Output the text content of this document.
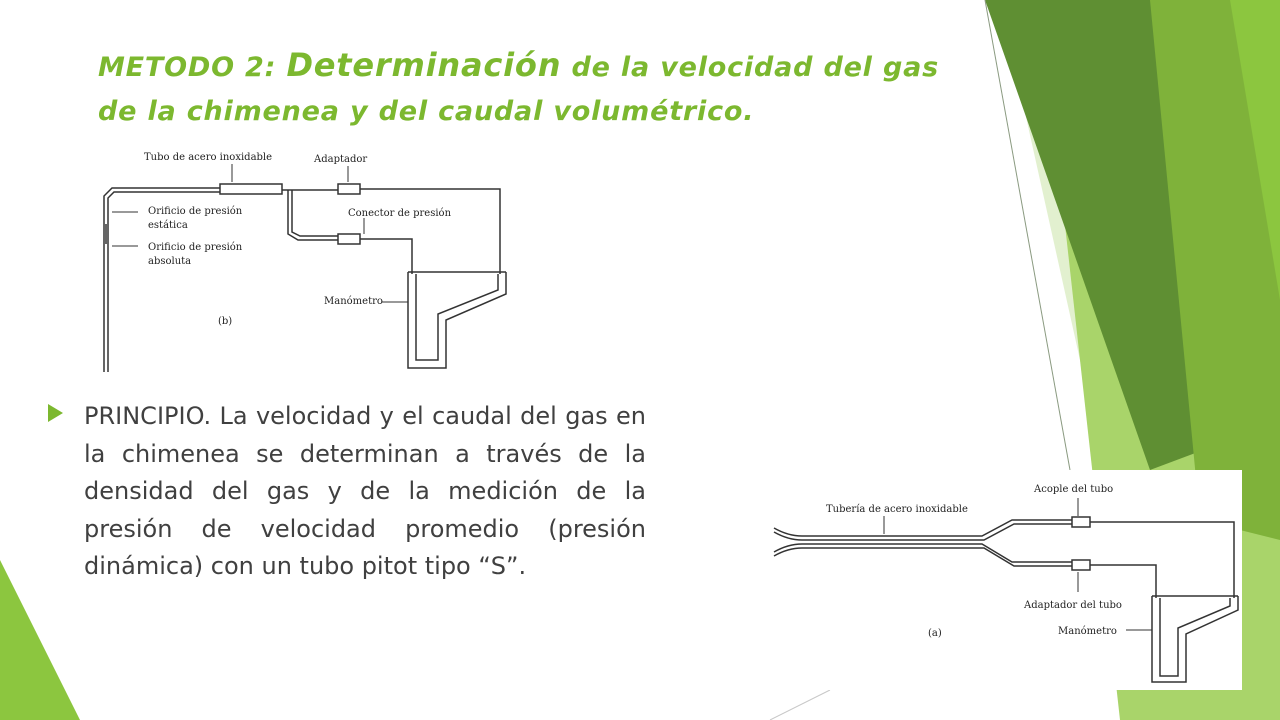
METODO 2: Determinación de la velocidad del gas de la chimenea y del caudal volumétrico.
Tubo de acero inoxidable	Adaptador
Orificio de presión
estática
Conector de presión
Orificio de presión
absoluta
Manómetro
(b)

PRINCIPIO. La velocidad y el caudal del gas en la chimenea se determinan a través de la densidad del gas y de la medición de la presión de velocidad promedio (presión dinámica) con un tubo pitot tipo “S”.

Tubería de acero inoxidable
Acople del tubo
Adaptador del tubo
Manómetro
(a)
